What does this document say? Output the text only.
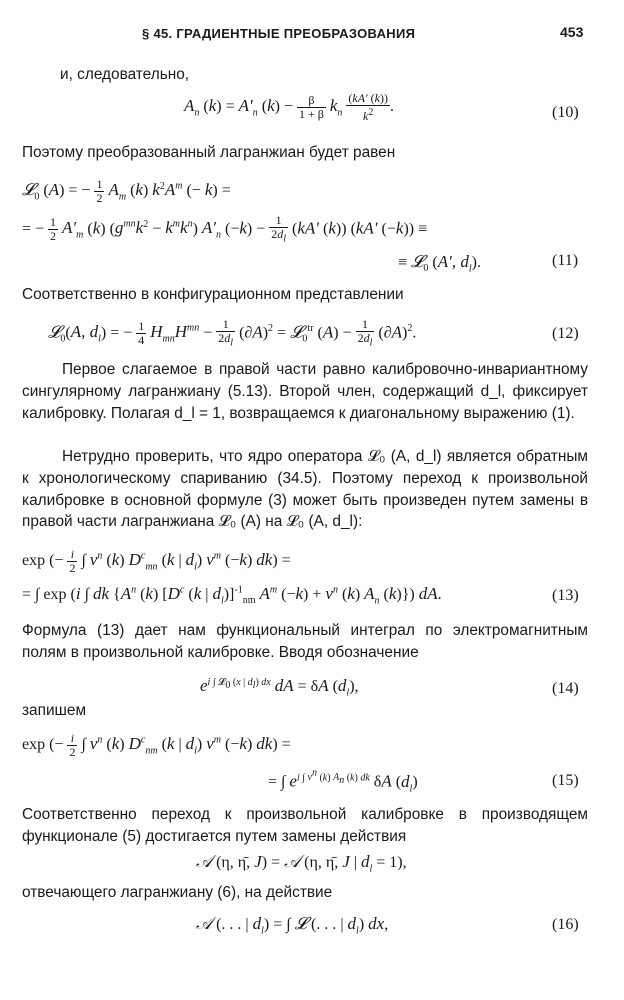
§ 45. ГРАДИЕНТНЫЕ ПРЕОБРАЗОВАНИЯ	453
и, следовательно,
$A_n$ $(k) = A'_n$ $(k) - \frac{\beta}{1 + \beta} k_n \frac{(kA' (k))}{k^2}$ .	(10)
Поэтому преобразованный лагранжиан будет равен
𝓛$_0$ (A) = − $\frac{1}{2} A_m$ (k) $k^2A^m$ (− k) =
= − $\frac{1}{2} A'_m$ (k) $(g^{mn}k^2 - k^mk^n)$ $A'_n$ $(-k) - \frac{1}{2d_l} (kA'$ (k)) (kA′ (−k)) ≡
≡ 𝓛$_0$ (A′, $d_l$).	(11)
Соответственно в конфигурационном представлении
𝓛$_0$(A, $d_l$) = − $\frac{1}{4} H_{mn}H^{mn} - \frac{1}{2d_l} (\partial A)^2$ = 𝓛$_0^{tr}$ $(A) - \frac{1}{2d_l} (\partial A)^2$.	(12)
Первое слагаемое в правой части равно калибровочно-инвариантному сингулярному лагранжиану (5.13). Второй член, содержащий d_l, фиксирует калибровку. Полагая d_l = 1, возвращаемся к диагональному выражению (1).
Нетрудно проверить, что ядро оператора 𝓛₀ (A, d_l) является обратным к хронологическому спариванию (34.5). Поэтому переход к произвольной калибровке в основной формуле (3) может быть произведен путем замены в правой части лагранжиана 𝓛₀ (A) на 𝓛₀ (A, d_l):
exp (− $\frac{i}{2}$ ∫ $\nu^n$ (k) $D^c_{mn}$ (k | $d_l$) $\nu^m$ (−k) dk) =
= ∫ exp (i ∫ dk {$A^n$ (k) [$D^c$ (k | $d_l)]^{-1}_{nm}$ $A^m$ $(-k) + \nu^n$ (k) $A_n$ (k)}) dA.	(13)
Формула (13) дает нам функциональный интеграл по электромагнитным полям в произвольной калибровке. Вводя обозначение
$e^{i \int 𝓛_0 (x | d_l) dx}$ dA = δA $(d_l)$,	(14)
запишем
exp (− $\frac{i}{2}$ ∫ $\nu^n$ (k) $D^c_{nm}$ (k | $d_l$) $\nu^m$ (−k) dk) =
= ∫ $e^{i \int \nu^n (k) A_n (k) dk}$ δA $(d_l)$	(15)
Соответственно переход к произвольной калибровке в производящем функционале (5) достигается путем замены действия
𝒜 (η, η̄, J) = 𝒜 (η, η̄, J | $d_l = 1$),
отвечающего лагранжиану (6), на действие
𝒜 (. . . | $d_l$) = ∫ 𝓛 (. . . | $d_l$) dx,	(16)
